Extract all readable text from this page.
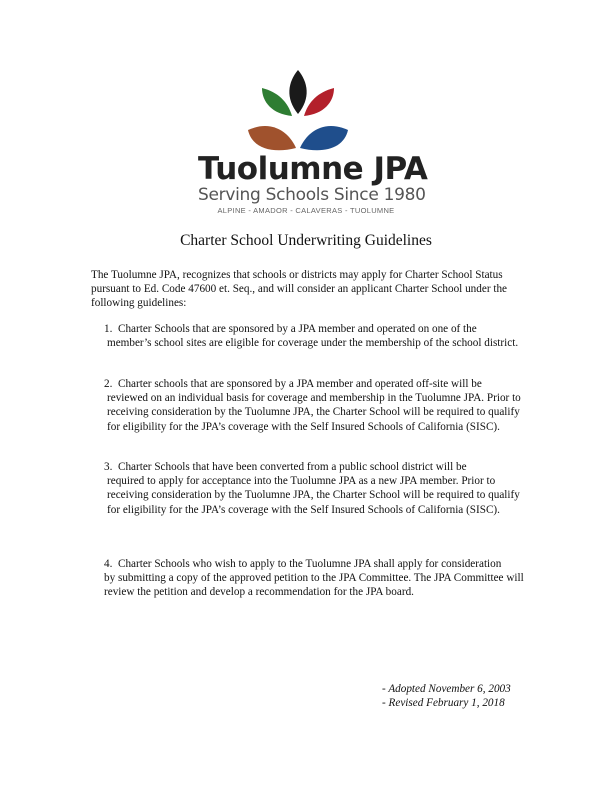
Tuolumne JPA
Serving Schools Since 1980
ALPINE - AMADOR - CALAVERAS - TUOLUMNE
Charter School Underwriting Guidelines
The Tuolumne JPA, recognizes that schools or districts may apply for Charter School Status pursuant to Ed. Code 47600 et. Seq., and will consider an applicant Charter School under the following guidelines:
1. Charter Schools that are sponsored by a JPA member and operated on one of the
member’s school sites are eligible for coverage under the membership of the school district.
2. Charter schools that are sponsored by a JPA member and operated off-site will be
reviewed on an individual basis for coverage and membership in the Tuolumne JPA. Prior to receiving consideration by the Tuolumne JPA, the Charter School will be required to qualify for eligibility for the JPA’s coverage with the Self Insured Schools of California (SISC).
3. Charter Schools that have been converted from a public school district will be
required to apply for acceptance into the Tuolumne JPA as a new JPA member. Prior to receiving consideration by the Tuolumne JPA, the Charter School will be required to qualify for eligibility for the JPA’s coverage with the Self Insured Schools of California (SISC).
4. Charter Schools who wish to apply to the Tuolumne JPA shall apply for consideration
by submitting a copy of the approved petition to the JPA Committee. The JPA Committee will review the petition and develop a recommendation for the JPA board.
- Adopted November 6, 2003
- Revised February 1, 2018
